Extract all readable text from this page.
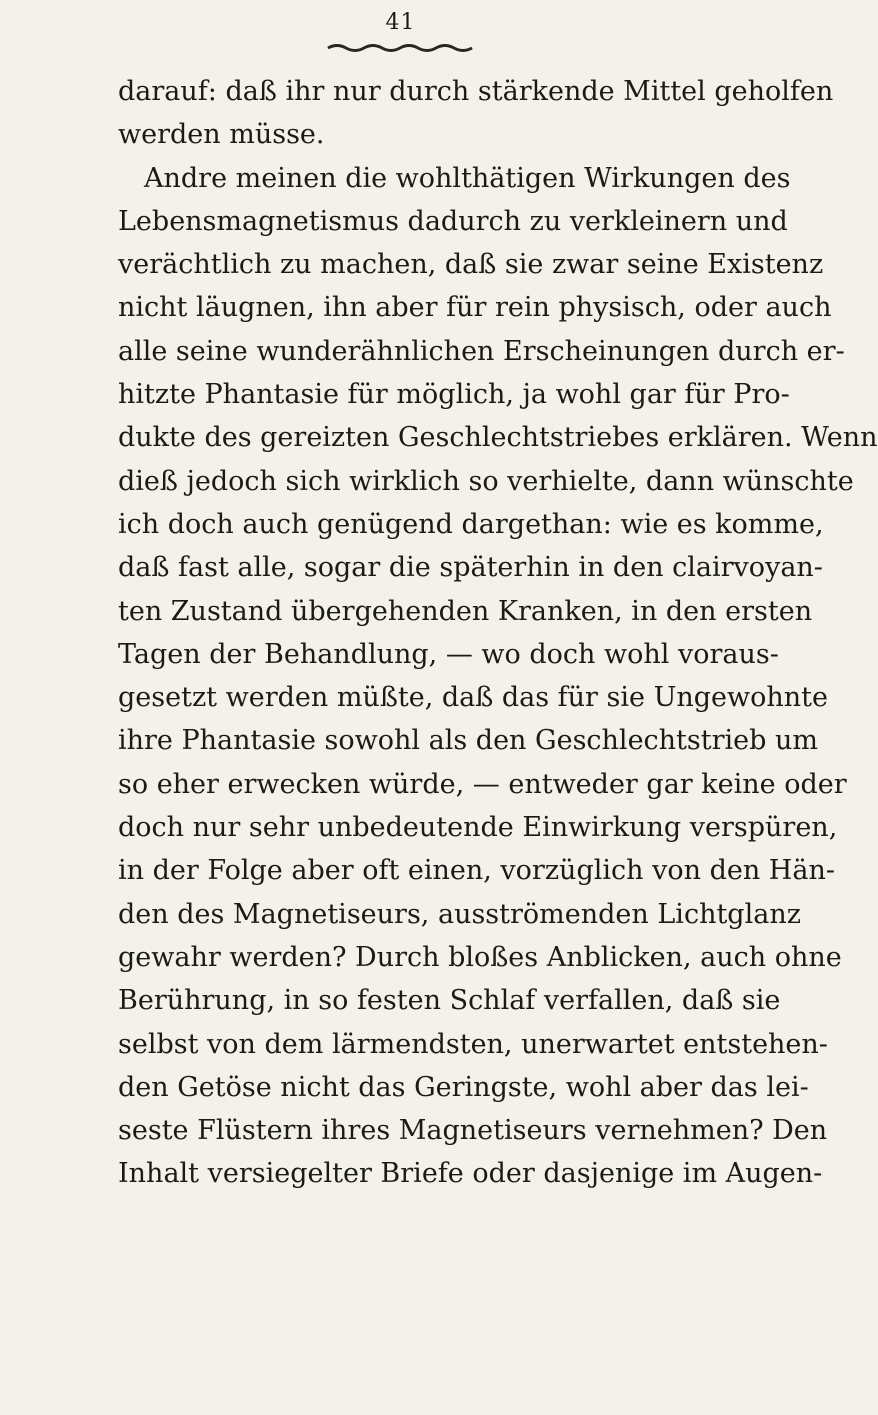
41
darauf: daß ihr nur durch stärkende Mittel geholfen
werden müsse.
Andre meinen die wohlthätigen Wirkungen des
Lebensmagnetismus dadurch zu verkleinern und
verächtlich zu machen, daß sie zwar seine Existenz
nicht läugnen, ihn aber für rein physisch, oder auch
alle seine wunderähnlichen Erscheinungen durch er-
hitzte Phantasie für möglich, ja wohl gar für Pro-
dukte des gereizten Geschlechtstriebes erklären. Wenn
dieß jedoch sich wirklich so verhielte, dann wünschte
ich doch auch genügend dargethan: wie es komme,
daß fast alle, sogar die späterhin in den clairvoyan-
ten Zustand übergehenden Kranken, in den ersten
Tagen der Behandlung, — wo doch wohl voraus-
gesetzt werden müßte, daß das für sie Ungewohnte
ihre Phantasie sowohl als den Geschlechtstrieb um
so eher erwecken würde, — entweder gar keine oder
doch nur sehr unbedeutende Einwirkung verspüren,
in der Folge aber oft einen, vorzüglich von den Hän-
den des Magnetiseurs, ausströmenden Lichtglanz
gewahr werden? Durch bloßes Anblicken, auch ohne
Berührung, in so festen Schlaf verfallen, daß sie
selbst von dem lärmendsten, unerwartet entstehen-
den Getöse nicht das Geringste, wohl aber das lei-
seste Flüstern ihres Magnetiseurs vernehmen? Den
Inhalt versiegelter Briefe oder dasjenige im Augen-
